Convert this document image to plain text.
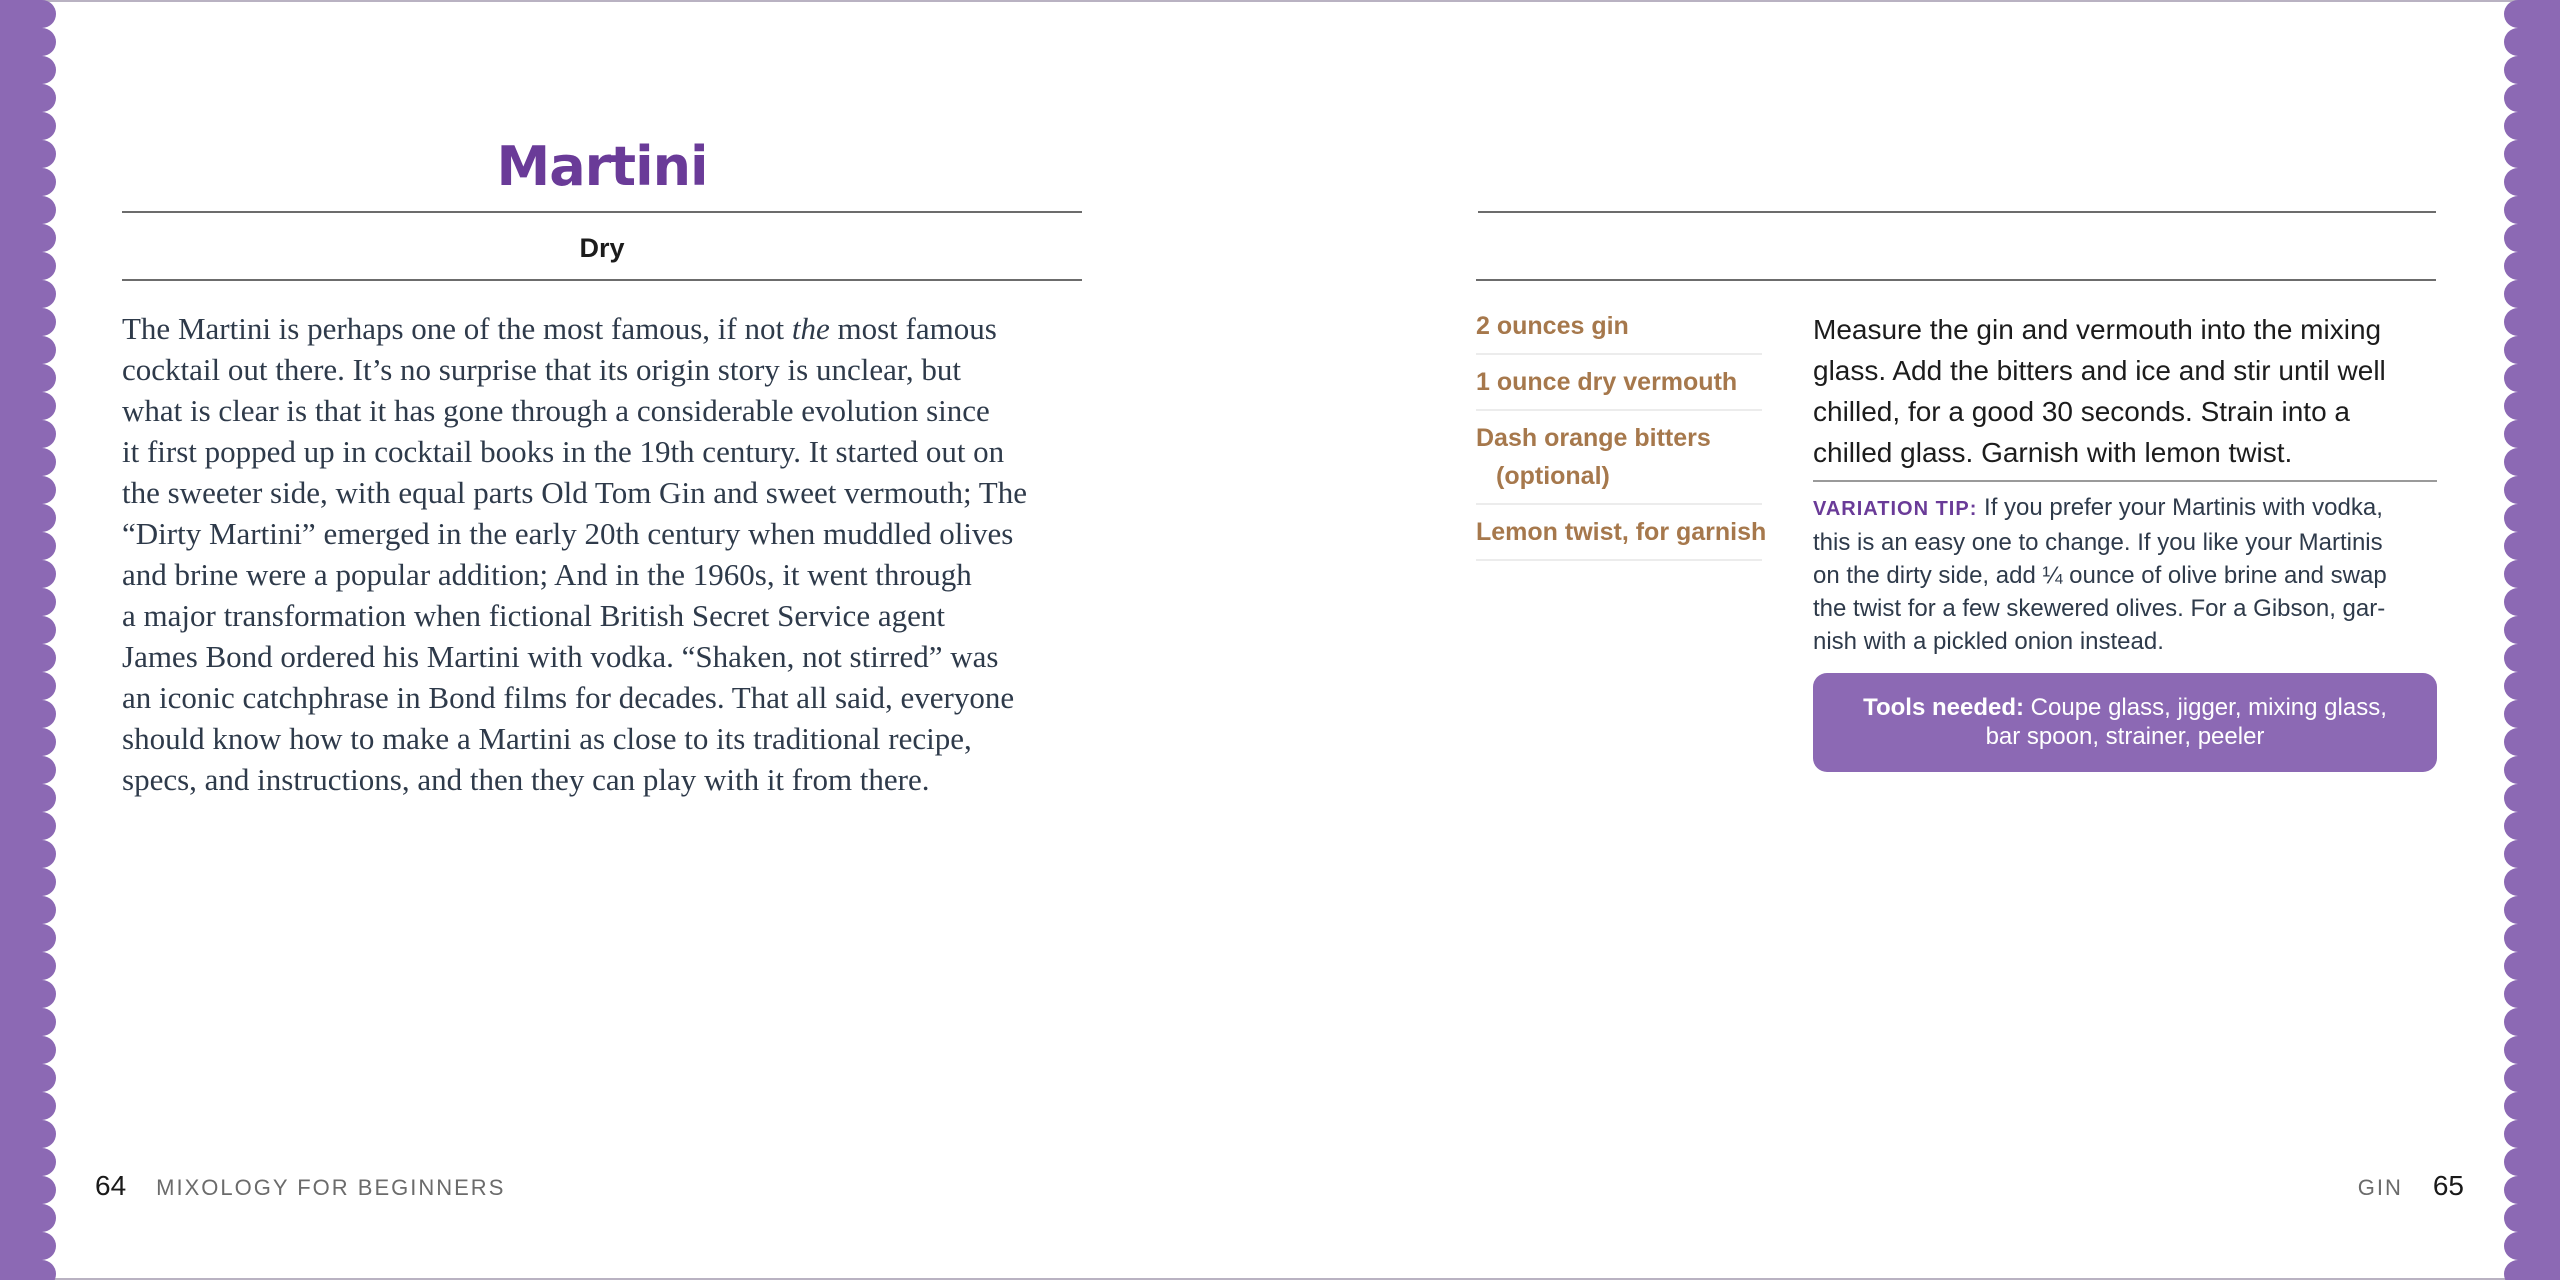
Martini
Dry

The Martini is perhaps one of the most famous, if not the most famous
cocktail out there. It’s no surprise that its origin story is unclear, but
what is clear is that it has gone through a considerable evolution since
it first popped up in cocktail books in the 19th century. It started out on
the sweeter side, with equal parts Old Tom Gin and sweet vermouth; The
“Dirty Martini” emerged in the early 20th century when muddled olives
and brine were a popular addition; And in the 1960s, it went through
a major transformation when fictional British Secret Service agent
James Bond ordered his Martini with vodka. “Shaken, not stirred” was
an iconic catchphrase in Bond films for decades. That all said, everyone
should know how to make a Martini as close to its traditional recipe,
specs, and instructions, and then they can play with it from there.

64 MIXOLOGY FOR BEGINNERS
2 ounces gin
1 ounce dry vermouth
Dash orange bitters
(optional)
Lemon twist, for garnish

Measure the gin and vermouth into the mixing
glass. Add the bitters and ice and stir until well
chilled, for a good 30 seconds. Strain into a
chilled glass. Garnish with lemon twist.

VARIATION TIP: If you prefer your Martinis with vodka,
this is an easy one to change. If you like your Martinis
on the dirty side, add ¼ ounce of olive brine and swap
the twist for a few skewered olives. For a Gibson, gar-
nish with a pickled onion instead.

Tools needed: Coupe glass, jigger, mixing glass,
bar spoon, strainer, peeler
GIN 65
